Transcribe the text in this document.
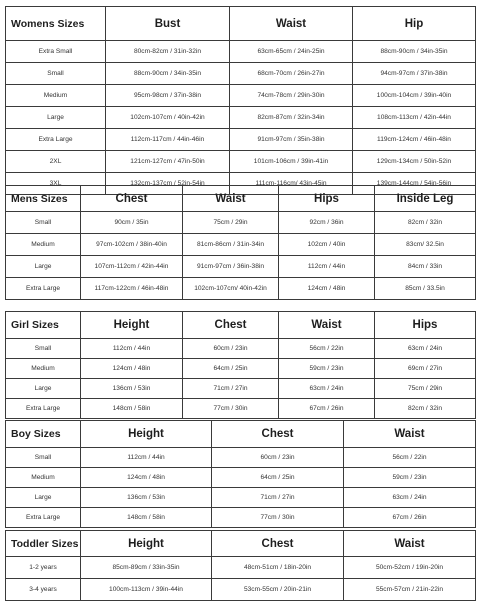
Womens Sizes	Bust	Waist	Hip
Extra Small	80cm-82cm / 31in-32in	63cm-65cm / 24in-25in	88cm-90cm / 34in-35in
Small	88cm-90cm / 34in-35in	68cm-70cm / 26in-27in	94cm-97cm / 37in-38in
Medium	95cm-98cm / 37in-38in	74cm-78cm / 29in-30in	100cm-104cm / 39in-40in
Large	102cm-107cm / 40in-42in	82cm-87cm / 32in-34in	108cm-113cm / 42in-44in
Extra Large	112cm-117cm / 44in-46in	91cm-97cm / 35in-38in	119cm-124cm / 46in-48in
2XL	121cm-127cm / 47in-50in	101cm-106cm / 39in-41in	129cm-134cm / 50in-52in
3XL	132cm-137cm / 52in-54in	111cm-116cm/ 43in-45in	139cm-144cm / 54in-56in
Mens Sizes	Chest	Waist	Hips	Inside Leg
Small	90cm / 35in	75cm / 29in	92cm / 36in	82cm / 32in
Medium	97cm-102cm / 38in-40in	81cm-86cm / 31in-34in	102cm / 40in	83cm/ 32.5in
Large	107cm-112cm / 42in-44in	91cm-97cm / 36in-38in	112cm / 44in	84cm / 33in
Extra Large	117cm-122cm / 46in-48in	102cm-107cm/ 40in-42in	124cm / 48in	85cm / 33.5in
Girl Sizes	Height	Chest	Waist	Hips
Small	112cm / 44in	60cm / 23in	56cm / 22in	63cm / 24in
Medium	124cm / 48in	64cm / 25in	59cm / 23in	69cm / 27in
Large	136cm / 53in	71cm / 27in	63cm / 24in	75cm / 29in
Extra Large	148cm / 58in	77cm / 30in	67cm / 26in	82cm / 32in
Boy Sizes	Height	Chest	Waist
Small	112cm / 44in	60cm / 23in	56cm / 22in
Medium	124cm / 48in	64cm / 25in	59cm / 23in
Large	136cm / 53in	71cm / 27in	63cm / 24in
Extra Large	148cm / 58in	77cm / 30in	67cm / 26in
Toddler Sizes	Height	Chest	Waist
1-2 years	85cm-89cm / 33in-35in	48cm-51cm / 18in-20in	50cm-52cm / 19in-20in
3-4 years	100cm-113cm / 39in-44in	53cm-55cm / 20in-21in	55cm-57cm / 21in-22in
